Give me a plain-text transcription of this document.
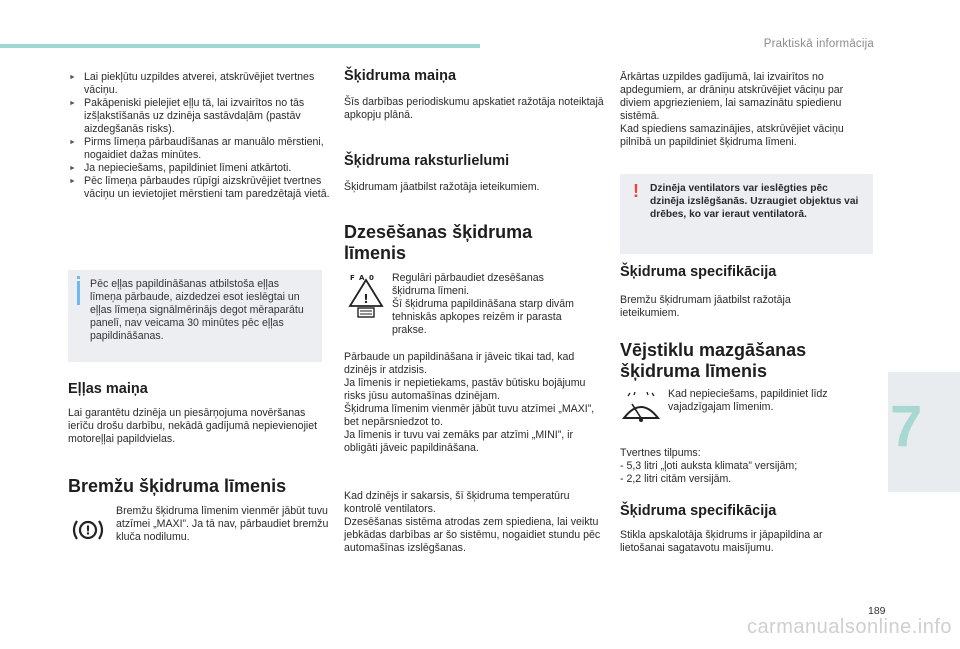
Praktiskā informācija
7
189
carmanualsonline.info
► Lai piekļūtu uzpildes atverei, atskrūvējiet tvertnes vāciņu.
► Pakāpeniski pielejiet eļļu tā, lai izvairītos no tās izšļakstīšanās uz dzinēja sastāvdaļām (pastāv aizdegšanās risks).
► Pirms līmeņa pārbaudīšanas ar manuālo mērstieni, nogaidiet dažas minūtes.
► Ja nepieciešams, papildiniet līmeni atkārtoti.
► Pēc līmeņa pārbaudes rūpīgi aizskrūvējiet tvertnes vāciņu un ievietojiet mērstieni tam paredzētajā vietā.
Pēc eļļas papildināšanas atbilstoša eļļas līmeņa pārbaude, aizdedzei esot ieslēgtai un eļļas līmeņa signālmērinājs degot mēraparātu panelī, nav veicama 30 minūtes pēc eļļas papildināšanas.
Eļļas maiņa
Lai garantētu dzinēja un piesārņojuma novēršanas ierīču drošu darbību, nekādā gadījumā nepievienojiet motoreļļai papildvielas.
Bremžu šķidruma līmenis
!
Bremžu šķidruma līmenim vienmēr jābūt tuvu atzīmei „MAXI”. Ja tā nav, pārbaudiet bremžu kluča nodilumu.
Šķidruma maiņa
Šīs darbības periodiskumu apskatiet ražotāja noteiktajā apkopju plānā.
Šķidruma raksturlielumi
Šķidrumam jāatbilst ražotāja ieteikumiem.
Dzesēšanas šķidruma līmenis
F A 0
!
Regulāri pārbaudiet dzesēšanas šķidruma līmeni.
Šī šķidruma papildināšana starp divām tehniskās apkopes reizēm ir parasta prakse.
Pārbaude un papildināšana ir jāveic tikai tad, kad dzinējs ir atdzisis.
Ja līmenis ir nepietiekams, pastāv būtisku bojājumu risks jūsu automašīnas dzinējam.
Šķidruma līmenim vienmēr jābūt tuvu atzīmei „MAXI”, bet nepārsniedzot to.
Ja līmenis ir tuvu vai zemāks par atzīmi „MINI”, ir obligāti jāveic papildināšana.
Kad dzinējs ir sakarsis, šī šķidruma temperatūru kontrolē ventilators.
Dzesēšanas sistēma atrodas zem spiediena, lai veiktu jebkādas darbības ar šo sistēmu, nogaidiet stundu pēc automašīnas izslēgšanas.
Ārkārtas uzpildes gadījumā, lai izvairītos no apdegumiem, ar drāniņu atskrūvējiet vāciņu par diviem apgriezieniem, lai samazinātu spiedienu sistēmā.
Kad spiediens samazinājies, atskrūvējiet vāciņu pilnībā un papildiniet šķidruma līmeni.
! Dzinēja ventilators var ieslēgties pēc dzinēja izslēgšanās. Uzraugiet objektus vai drēbes, ko var ieraut ventilatorā.
Šķidruma specifikācija
Bremžu šķidrumam jāatbilst ražotāja ieteikumiem.
Vējstiklu mazgāšanas šķidruma līmenis
Kad nepieciešams, papildiniet līdz vajadzīgajam līmenim.
Tvertnes tilpums:
- 5,3 litri „ļoti auksta klimata” versijām;
- 2,2 litri citām versijām.
Šķidruma specifikācija
Stikla apskalotāja šķidrums ir jāpapildina ar lietošanai sagatavotu maisījumu.
